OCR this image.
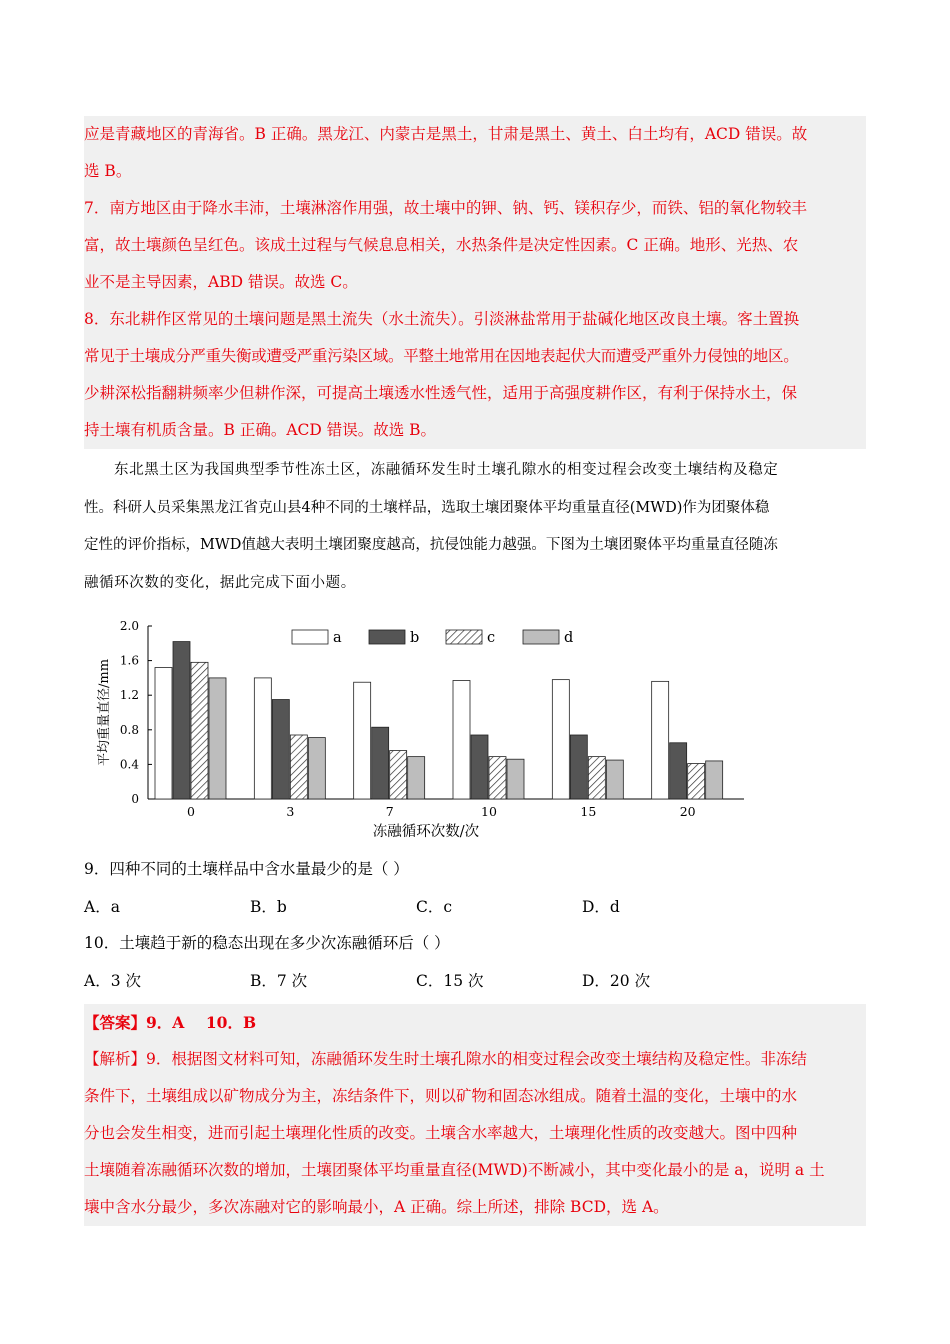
应是青藏地区的青海省。B 正确。黑龙江、内蒙古是黑土，甘肃是黑土、黄土、白土均有，ACD 错误。故

选 B。

7．南方地区由于降水丰沛，土壤淋溶作用强，故土壤中的钾、钠、钙、镁积存少，而铁、铝的氧化物较丰

富，故土壤颜色呈红色。该成土过程与气候息息相关，水热条件是决定性因素。C 正确。地形、光热、农

业不是主导因素，ABD 错误。故选 C。

8．东北耕作区常见的土壤问题是黑土流失（水土流失）。引淡淋盐常用于盐碱化地区改良土壤。客土置换

常见于土壤成分严重失衡或遭受严重污染区域。平整土地常用在因地表起伏大而遭受严重外力侵蚀的地区。

少耕深松指翻耕频率少但耕作深，可提高土壤透水性透气性，适用于高强度耕作区，有利于保持水土，保

持土壤有机质含量。B 正确。ACD 错误。故选 B。

东北黑土区为我国典型季节性冻土区，冻融循环发生时土壤孔隙水的相变过程会改变土壤结构及稳定
性。科研人员采集黑龙江省克山县4种不同的土壤样品，选取土壤团聚体平均重量直径(MWD)作为团聚体稳
定性的评价指标，MWD值越大表明土壤团聚度越高，抗侵蚀能力越强。下图为土壤团聚体平均重量直径随冻
融循环次数的变化，据此完成下面小题。
0
0.4
0.8
1.2
1.6
2.0
平均重量直径/mm
0	3	7	10	15	20
冻融循环次数/次
a	b	c	d
9．四种不同的土壤样品中含水量最少的是（ ）
A．a	B．b	C．c	D．d
10．土壤趋于新的稳态出现在多少次冻融循环后（ ）
A．3 次	B．7 次	C．15 次	D．20 次

【答案】9．A    10．B

【解析】9．根据图文材料可知，冻融循环发生时土壤孔隙水的相变过程会改变土壤结构及稳定性。非冻结

条件下，土壤组成以矿物成分为主，冻结条件下，则以矿物和固态冰组成。随着土温的变化，土壤中的水

分也会发生相变，进而引起土壤理化性质的改变。土壤含水率越大，土壤理化性质的改变越大。图中四种

土壤随着冻融循环次数的增加，土壤团聚体平均重量直径(MWD)不断减小，其中变化最小的是 a，说明 a 土

壤中含水分最少，多次冻融对它的影响最小，A 正确。综上所述，排除 BCD，选 A。
